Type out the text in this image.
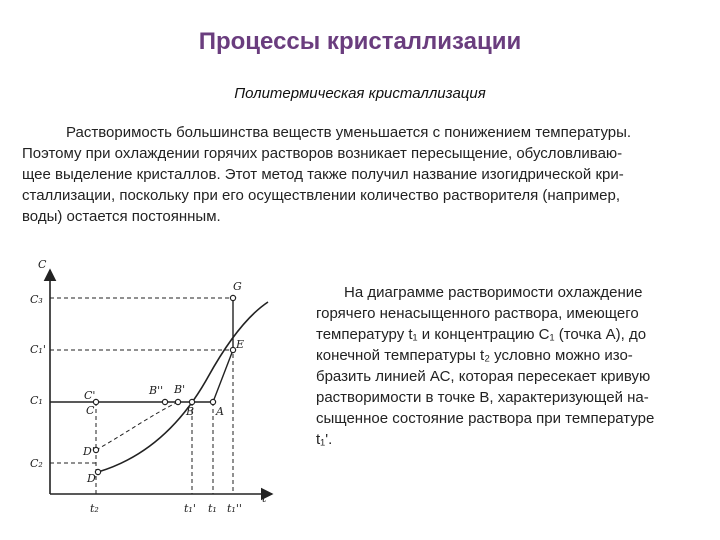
Процессы кристаллизации
Политермическая кристаллизация
Растворимость большинства веществ уменьшается с понижением температуры.
Поэтому при охлаждении горячих растворов возникает пересыщение, обусловливаю-
щее выделение кристаллов. Этот метод также получил название изогидрической кри-
сталлизации, поскольку при его осуществлении количество растворителя (например,
воды) остается постоянным.
C
t
C₃
C₁'
C₁
C₂
G
E
B'' B'
C'
C	B A
D'
D
t₂	t₁' t₁ t₁''
На диаграмме растворимости охлаждение
горячего ненасыщенного раствора, имеющего
температуру t₁ и концентрацию C₁ (точка А), до
конечной температуры t₂ условно можно изо-
бразить линией АС, которая пересекает кривую
растворимости в точке В, характеризующей на-
сыщенное состояние раствора при температуре
t₁'.
